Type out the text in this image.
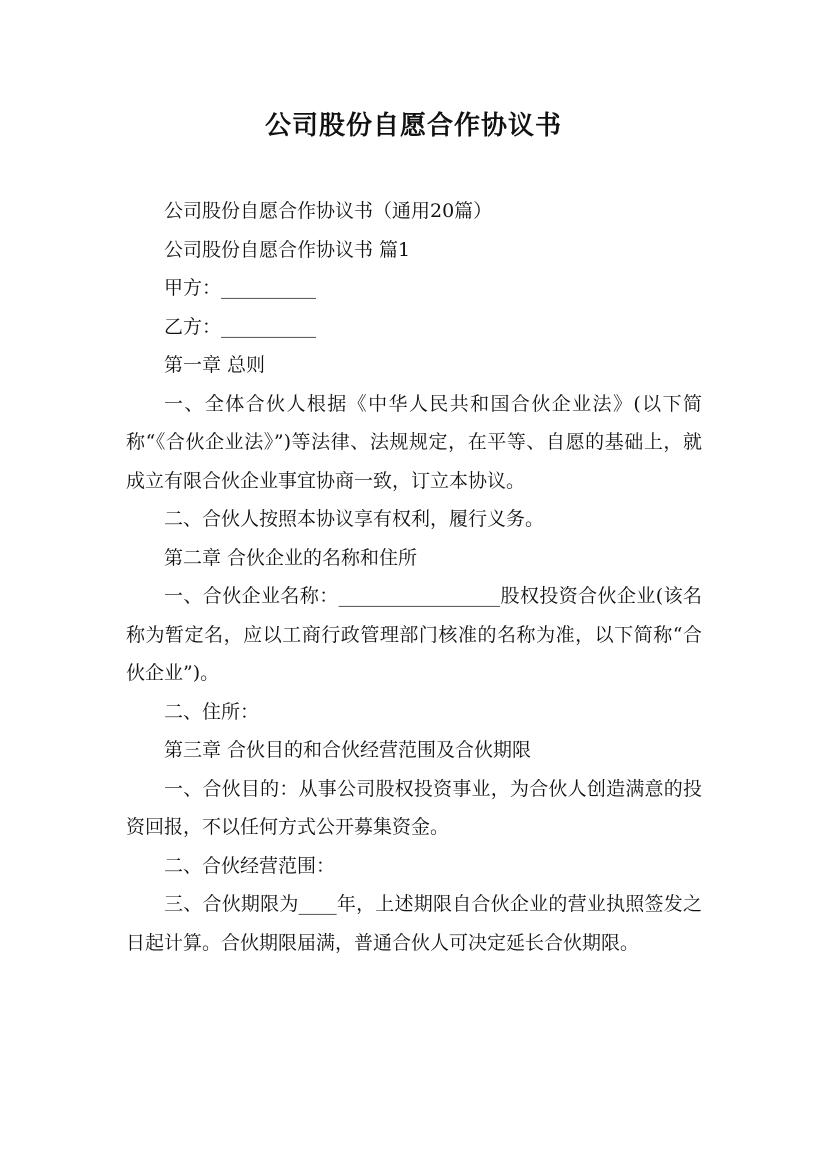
公司股份自愿合作协议书

公司股份自愿合作协议书（通用20篇）

公司股份自愿合作协议书 篇1

甲方：__________

乙方：__________

第一章 总则

一、全体合伙人根据《中华人民共和国合伙企业法》(以下简称“《合伙企业法》”)等法律、法规规定，在平等、自愿的基础上，就成立有限合伙企业事宜协商一致，订立本协议。

二、合伙人按照本协议享有权利，履行义务。

第二章 合伙企业的名称和住所

一、合伙企业名称：_________________股权投资合伙企业(该名称为暂定名，应以工商行政管理部门核准的名称为准，以下简称“合伙企业”)。

二、住所：

第三章 合伙目的和合伙经营范围及合伙期限

一、合伙目的：从事公司股权投资事业，为合伙人创造满意的投资回报，不以任何方式公开募集资金。

二、合伙经营范围：

三、合伙期限为____年，上述期限自合伙企业的营业执照签发之日起计算。合伙期限届满，普通合伙人可决定延长合伙期限。
